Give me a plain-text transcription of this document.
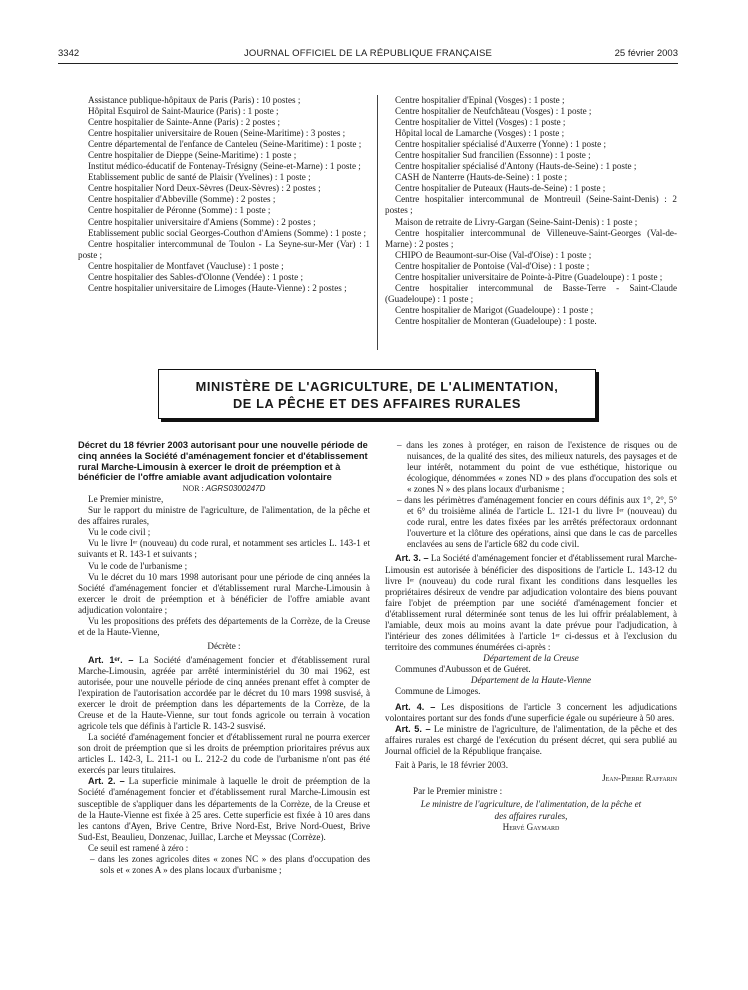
3342	JOURNAL OFFICIEL DE LA RÉPUBLIQUE FRANÇAISE	25 février 2003

Assistance publique-hôpitaux de Paris (Paris) : 10 postes ;

Hôpital Esquirol de Saint-Maurice (Paris) : 1 poste ;

Centre hospitalier de Sainte-Anne (Paris) : 2 postes ;

Centre hospitalier universitaire de Rouen (Seine-Maritime) : 3 postes ;

Centre départemental de l'enfance de Canteleu (Seine-Maritime) : 1 poste ;

Centre hospitalier de Dieppe (Seine-Maritime) : 1 poste ;

Institut médico-éducatif de Fontenay-Trésigny (Seine-et-Marne) : 1 poste ;

Etablissement public de santé de Plaisir (Yvelines) : 1 poste ;

Centre hospitalier Nord Deux-Sèvres (Deux-Sèvres) : 2 postes ;

Centre hospitalier d'Abbeville (Somme) : 2 postes ;

Centre hospitalier de Péronne (Somme) : 1 poste ;

Centre hospitalier universitaire d'Amiens (Somme) : 2 postes ;

Etablissement public social Georges-Couthon d'Amiens (Somme) : 1 poste ;

Centre hospitalier intercommunal de Toulon - La Seyne-sur-Mer (Var) : 1 poste ;

Centre hospitalier de Montfavet (Vaucluse) : 1 poste ;

Centre hospitalier des Sables-d'Olonne (Vendée) : 1 poste ;

Centre hospitalier universitaire de Limoges (Haute-Vienne) : 2 postes ;

Centre hospitalier d'Epinal (Vosges) : 1 poste ;

Centre hospitalier de Neufchâteau (Vosges) : 1 poste ;

Centre hospitalier de Vittel (Vosges) : 1 poste ;

Hôpital local de Lamarche (Vosges) : 1 poste ;

Centre hospitalier spécialisé d'Auxerre (Yonne) : 1 poste ;

Centre hospitalier Sud francilien (Essonne) : 1 poste ;

Centre hospitalier spécialisé d'Antony (Hauts-de-Seine) : 1 poste ;

CASH de Nanterre (Hauts-de-Seine) : 1 poste ;

Centre hospitalier de Puteaux (Hauts-de-Seine) : 1 poste ;

Centre hospitalier intercommunal de Montreuil (Seine-Saint-Denis) : 2 postes ;

Maison de retraite de Livry-Gargan (Seine-Saint-Denis) : 1 poste ;

Centre hospitalier intercommunal de Villeneuve-Saint-Georges (Val-de-Marne) : 2 postes ;

CHIPO de Beaumont-sur-Oise (Val-d'Oise) : 1 poste ;

Centre hospitalier de Pontoise (Val-d'Oise) : 1 poste ;

Centre hospitalier universitaire de Pointe-à-Pitre (Guadeloupe) : 1 poste ;

Centre hospitalier intercommunal de Basse-Terre - Saint-Claude (Guadeloupe) : 1 poste ;

Centre hospitalier de Marigot (Guadeloupe) : 1 poste ;

Centre hospitalier de Monteran (Guadeloupe) : 1 poste.

MINISTÈRE DE L'AGRICULTURE, DE L'ALIMENTATION,
DE LA PÊCHE ET DES AFFAIRES RURALES

Décret du 18 février 2003 autorisant pour une nouvelle période de cinq années la Société d'aménagement foncier et d'établissement rural Marche-Limousin à exercer le droit de préemption et à bénéficier de l'offre amiable avant adjudication volontaire

NOR : AGRS0300247D

Le Premier ministre,

Sur le rapport du ministre de l'agriculture, de l'alimentation, de la pêche et des affaires rurales,

Vu le code civil ;

Vu le livre Iᵉʳ (nouveau) du code rural, et notamment ses articles L. 143-1 et suivants et R. 143-1 et suivants ;

Vu le code de l'urbanisme ;

Vu le décret du 10 mars 1998 autorisant pour une période de cinq années la Société d'aménagement foncier et d'établissement rural Marche-Limousin à exercer le droit de préemption et à bénéficier de l'offre amiable avant adjudication volontaire ;

Vu les propositions des préfets des départements de la Corrèze, de la Creuse et de la Haute-Vienne,

Décrète :

Art. 1ᵉʳ. – La Société d'aménagement foncier et d'établissement rural Marche-Limousin, agréée par arrêté interministériel du 30 mai 1962, est autorisée, pour une nouvelle période de cinq années prenant effet à compter de l'expiration de l'autorisation accordée par le décret du 10 mars 1998 susvisé, à exercer le droit de préemption dans les départements de la Corrèze, de la Creuse et de la Haute-Vienne, sur tout fonds agricole ou terrain à vocation agricole tels que définis à l'article R. 143-2 susvisé.

La société d'aménagement foncier et d'établissement rural ne pourra exercer son droit de préemption que si les droits de préemption prioritaires prévus aux articles L. 142-3, L. 211-1 ou L. 212-2 du code de l'urbanisme n'ont pas été exercés par leurs titulaires.

Art. 2. – La superficie minimale à laquelle le droit de préemption de la Société d'aménagement foncier et d'établissement rural Marche-Limousin est susceptible de s'appliquer dans les départements de la Corrèze, de la Creuse et de la Haute-Vienne est fixée à 25 ares. Cette superficie est fixée à 10 ares dans les cantons d'Ayen, Brive Centre, Brive Nord-Est, Brive Nord-Ouest, Brive Sud-Est, Beaulieu, Donzenac, Juillac, Larche et Meyssac (Corrèze).

Ce seuil est ramené à zéro :

– dans les zones agricoles dites « zones NC » des plans d'occupation des sols et « zones A » des plans locaux d'urbanisme ;

– dans les zones à protéger, en raison de l'existence de risques ou de nuisances, de la qualité des sites, des milieux naturels, des paysages et de leur intérêt, notamment du point de vue esthétique, historique ou écologique, dénommées « zones ND » des plans d'occupation des sols et « zones N » des plans locaux d'urbanisme ;

– dans les périmètres d'aménagement foncier en cours définis aux 1°, 2°, 5° et 6° du troisième alinéa de l'article L. 121-1 du livre Iᵉʳ (nouveau) du code rural, entre les dates fixées par les arrêtés préfectoraux ordonnant l'ouverture et la clôture des opérations, ainsi que dans le cas de parcelles enclavées au sens de l'article 682 du code civil.

Art. 3. – La Société d'aménagement foncier et d'établissement rural Marche-Limousin est autorisée à bénéficier des dispositions de l'article L. 143-12 du livre Iᵉʳ (nouveau) du code rural fixant les conditions dans lesquelles les propriétaires désireux de vendre par adjudication volontaire des biens pouvant faire l'objet de préemption par une société d'aménagement foncier et d'établissement rural déterminée sont tenus de les lui offrir préalablement, à l'amiable, deux mois au moins avant la date prévue pour l'adjudication, à l'intérieur des zones délimitées à l'article 1ᵉʳ ci-dessus et à l'exclusion du territoire des communes énumérées ci-après :

Département de la Creuse

Communes d'Aubusson et de Guéret.

Département de la Haute-Vienne

Commune de Limoges.

Art. 4. – Les dispositions de l'article 3 concernent les adjudications volontaires portant sur des fonds d'une superficie égale ou supérieure à 50 ares.

Art. 5. – Le ministre de l'agriculture, de l'alimentation, de la pêche et des affaires rurales est chargé de l'exécution du présent décret, qui sera publié au Journal officiel de la République française.

Fait à Paris, le 18 février 2003.

Jean-Pierre Raffarin

Par le Premier ministre :

Le ministre de l'agriculture, de l'alimentation, de la pêche et des affaires rurales,

Hervé Gaymard
